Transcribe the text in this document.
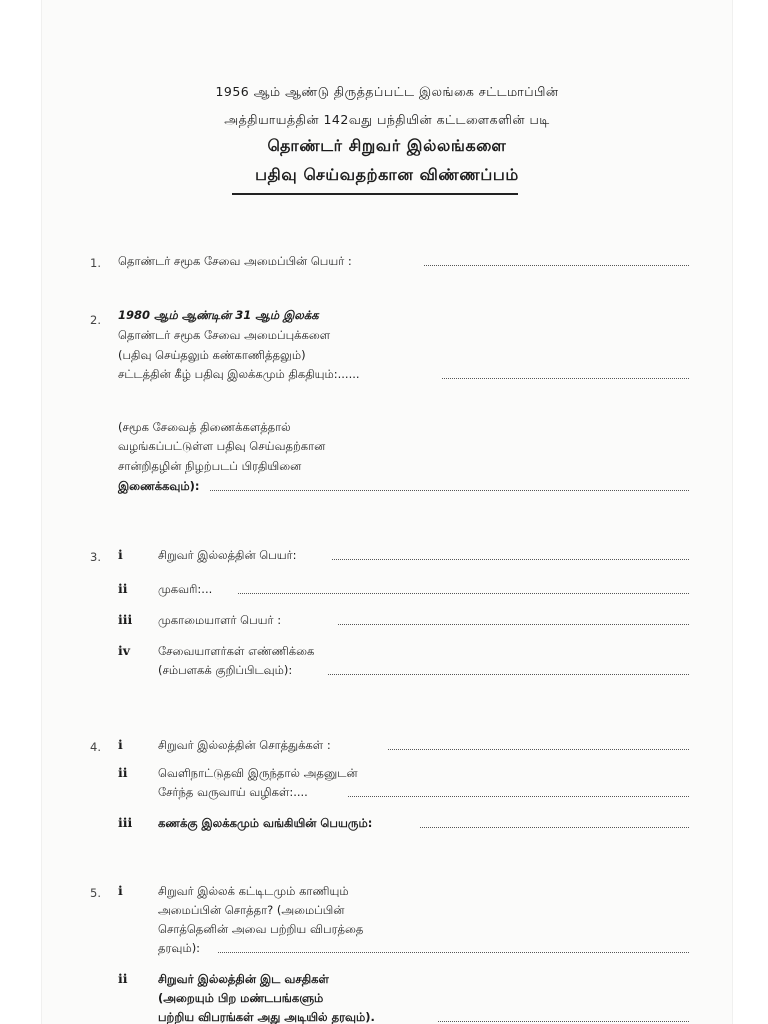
1956 ஆம் ஆண்டு திருத்தப்பட்ட இலங்கை சட்டமாப்பின்
அத்தியாயத்தின் 142வது பந்தியின் கட்டளைகளின் படி
தொண்டர் சிறுவர் இல்லங்களை
பதிவு செய்வதற்கான விண்ணப்பம்
1. தொண்டர் சமூக சேவை அமைப்பின் பெயர் :
2. 1980 ஆம் ஆண்டின் 31 ஆம் இலக்க
தொண்டர் சமூக சேவை அமைப்புக்களை
(பதிவு செய்தலும் கண்காணித்தலும்)
சட்டத்தின் கீழ் பதிவு இலக்கமும் திகதியும்:......
(சமூக சேவைத் திணைக்களத்தால்
வழங்கப்பட்டுள்ள பதிவு செய்வதற்கான
சான்றிதழின் நிழற்படப் பிரதியினை
இணைக்கவும்):
3. i	சிறுவர் இல்லத்தின் பெயர்:
ii	முகவரி:...
iii முகாமையாளர் பெயர் :
iv சேவையாளர்கள் எண்ணிக்கை
(சம்பளகக் குறிப்பிடவும்):
4. i	சிறுவர் இல்லத்தின் சொத்துக்கள் :
ii	வெளிநாட்டுதவி இருந்தால் அதனுடன்
சேர்ந்த வருவாய் வழிகள்:....
iii கணக்கு இலக்கமும் வங்கியின் பெயரும்:
5. i	சிறுவர் இல்லக் கட்டிடமும் காணியும்
அமைப்பின் சொத்தா? (அமைப்பின்
சொத்தெனின் அவை பற்றிய விபரத்தை
தரவும்):
ii	சிறுவர் இல்லத்தின் இட வசதிகள்
(அறையும் பிற மண்டபங்களும்
பற்றிய விபரங்கள் அது அடியில் தரவும்).
